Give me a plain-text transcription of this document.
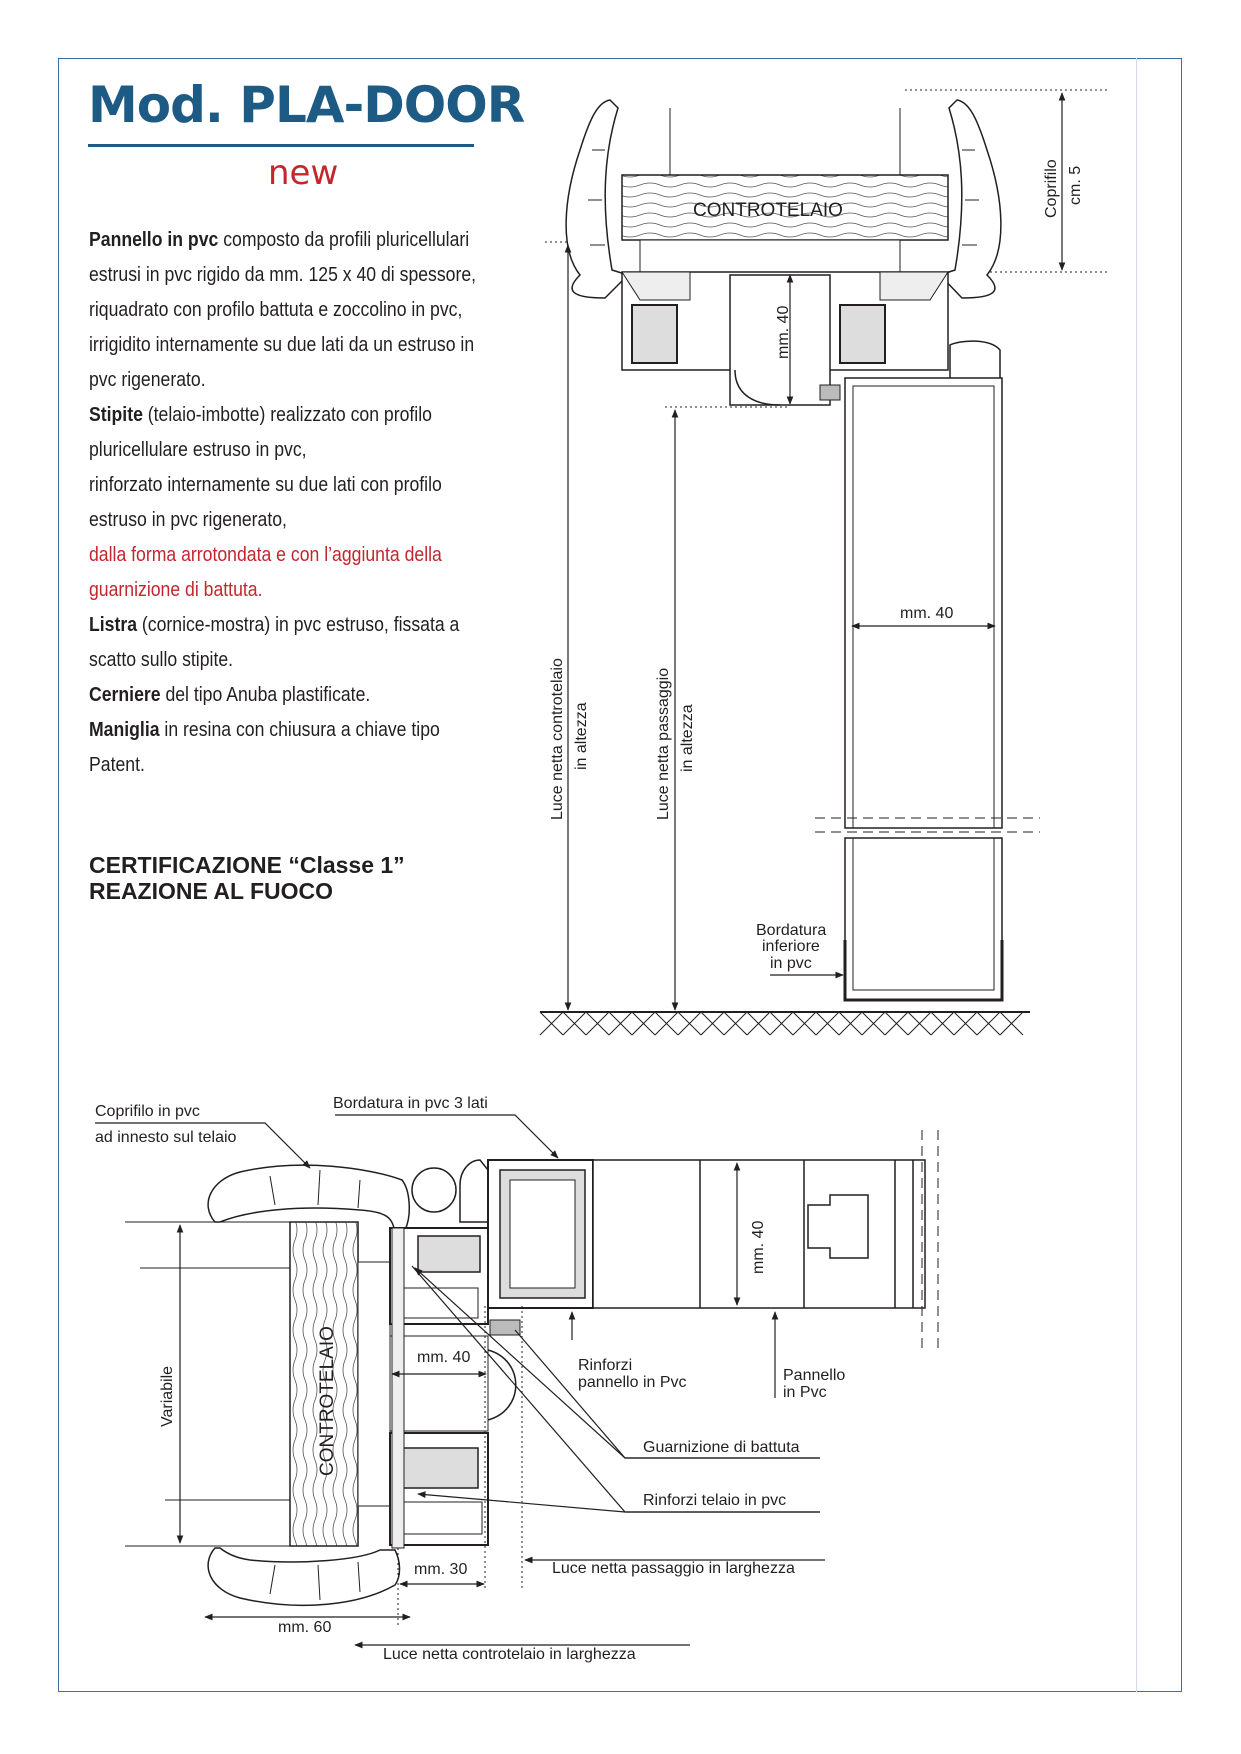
Mod. PLA-DOOR
new

Pannello in pvc composto da profili pluricellulari estrusi in pvc rigido da mm. 125 x 40 di spessore,

riquadrato con profilo battuta e zoccolino in pvc, irrigidito internamente su due lati da un estruso in pvc rigenerato.

Stipite (telaio-imbotte) realizzato con profilo pluricellulare estruso in pvc,

rinforzato internamente su due lati con profilo estruso in pvc rigenerato,

dalla forma arrotondata e con l’aggiunta della guarnizione di battuta.

Listra (cornice-mostra) in pvc estruso, fissata a scatto sullo stipite.

Cerniere del tipo Anuba plastificate.

Maniglia in resina con chiusura a chiave tipo Patent.

CERTIFICAZIONE “Classe 1”
REAZIONE AL FUOCO
CONTROTELAIO	Coprifilo cm. 5
mm. 40
mm. 40
Luce netta controtelaio in altezza	Luce netta passaggio in altezza
Bordatura
inferiore
in pvc
Coprifilo in pvc
ad innesto sul telaio
Bordatura in pvc 3 lati
mm. 40
Variabile	CONTROTELAIO	mm. 40	Rinforzi
pannello in Pvc	Pannello
in Pvc
Guarnizione di battuta
Rinforzi telaio in pvc
mm. 30	Luce netta passaggio in larghezza
mm. 60
Luce netta controtelaio in larghezza
